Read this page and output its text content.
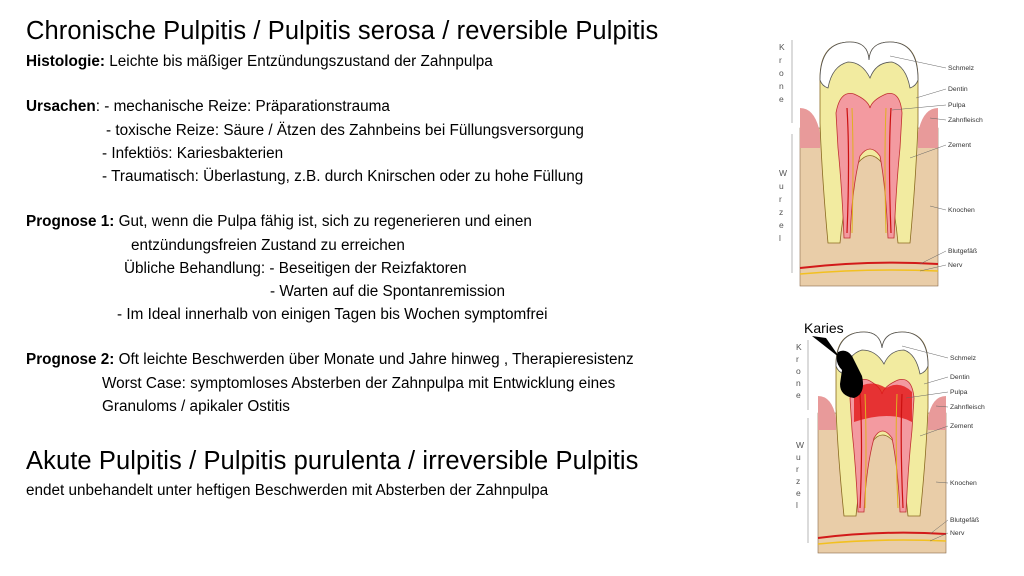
Chronische Pulpitis / Pulpitis serosa / reversible Pulpitis
Histologie: Leichte bis mäßiger Entzündungszustand der Zahnpulpa
Ursachen: - mechanische Reize: Präparationstrauma
- toxische Reize: Säure / Ätzen des Zahnbeins bei Füllungsversorgung
- Infektiös: Kariesbakterien
- Traumatisch: Überlastung, z.B. durch Knirschen oder zu hohe Füllung
Prognose 1: Gut, wenn die Pulpa fähig ist, sich zu regenerieren und einen
entzündungsfreien Zustand zu erreichen
Übliche Behandlung: - Beseitigen der Reizfaktoren
- Warten auf die Spontanremission
- Im Ideal innerhalb von einigen Tagen bis Wochen symptomfrei
Prognose 2: Oft leichte Beschwerden über Monate und Jahre hinweg , Therapieresistenz
Worst Case: symptomloses Absterben der Zahnpulpa mit Entwicklung eines
Granuloms / apikaler Ostitis
Akute Pulpitis / Pulpitis purulenta / irreversible Pulpitis
endet unbehandelt unter heftigen Beschwerden mit Absterben der Zahnpulpa
K
r
o
n
e
W
u
r
z
e
l
Schmelz
Dentin
Pulpa
Zahnfleisch
Zement
Knochen
Blutgefäß
Nerv
Karies
K
r
o
n
e
W
u
r
z
e
l
Schmelz
Dentin
Pulpa
Zahnfleisch
Zement
Knochen
Blutgefäß
Nerv
